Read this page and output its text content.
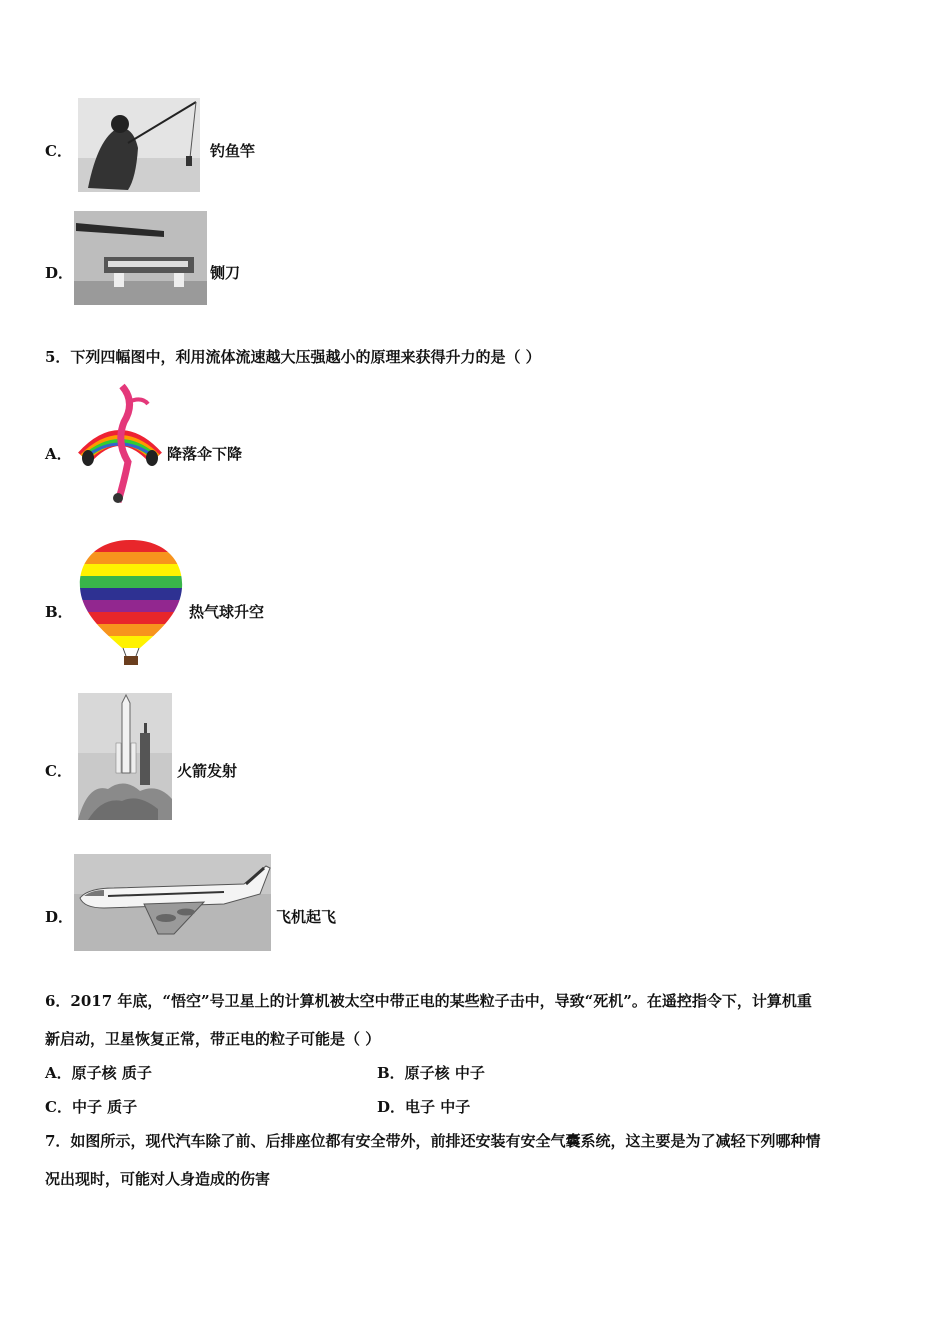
C．	钓鱼竿
D．	铡刀
5．下列四幅图中，利用流体流速越大压强越小的原理来获得升力的是（ ）
A．	降落伞下降
B．	热气球升空
C．	火箭发射
D．	飞机起飞
6．2017 年底，“悟空”号卫星上的计算机被太空中带正电的某些粒子击中，导致“死机”。在遥控指令下，计算机重
新启动，卫星恢复正常，带正电的粒子可能是（ ）
A．原子核 质子	B．原子核 中子
C．中子 质子	D．电子 中子
7．如图所示，现代汽车除了前、后排座位都有安全带外，前排还安装有安全气囊系统，这主要是为了减轻下列哪种情
况出现时，可能对人身造成的伤害
